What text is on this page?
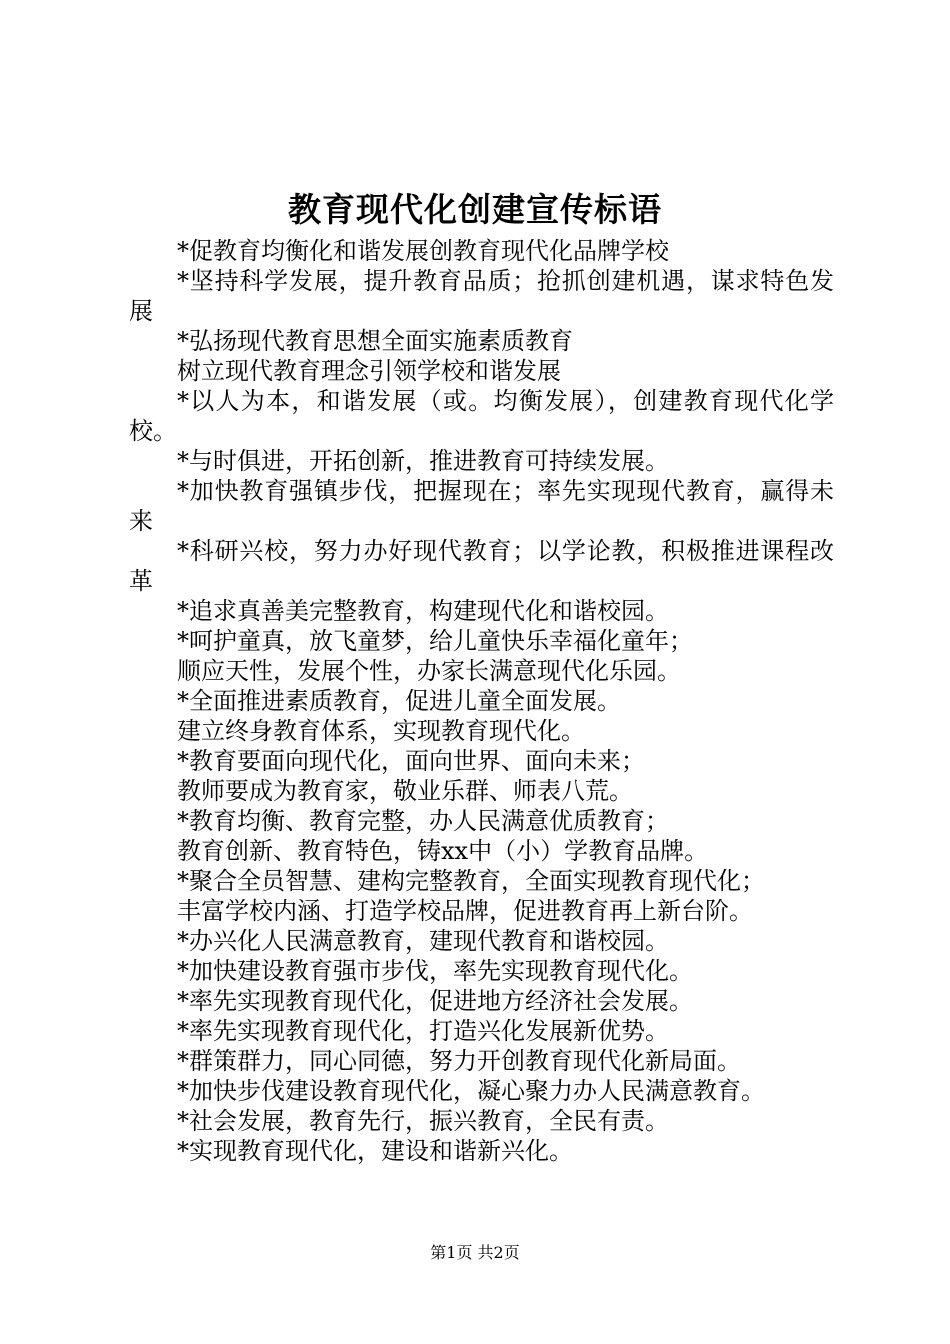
教育现代化创建宣传标语

*促教育均衡化和谐发展创教育现代化品牌学校

*坚持科学发展，提升教育品质；抢抓创建机遇，谋求特色发展

*弘扬现代教育思想全面实施素质教育

树立现代教育理念引领学校和谐发展

*以人为本，和谐发展（或。均衡发展），创建教育现代化学校。

*与时俱进，开拓创新，推进教育可持续发展。

*加快教育强镇步伐，把握现在；率先实现现代教育，赢得未来

*科研兴校，努力办好现代教育；以学论教，积极推进课程改革

*追求真善美完整教育，构建现代化和谐校园。

*呵护童真，放飞童梦，给儿童快乐幸福化童年；

顺应天性，发展个性，办家长满意现代化乐园。

*全面推进素质教育，促进儿童全面发展。

建立终身教育体系，实现教育现代化。

*教育要面向现代化，面向世界、面向未来；

教师要成为教育家，敬业乐群、师表八荒。

*教育均衡、教育完整，办人民满意优质教育；

教育创新、教育特色，铸xx中（小）学教育品牌。

*聚合全员智慧、建构完整教育，全面实现教育现代化；

丰富学校内涵、打造学校品牌，促进教育再上新台阶。

*办兴化人民满意教育，建现代教育和谐校园。

*加快建设教育强市步伐，率先实现教育现代化。

*率先实现教育现代化，促进地方经济社会发展。

*率先实现教育现代化，打造兴化发展新优势。

*群策群力，同心同德，努力开创教育现代化新局面。

*加快步伐建设教育现代化，凝心聚力办人民满意教育。

*社会发展，教育先行，振兴教育，全民有责。

*实现教育现代化，建设和谐新兴化。

第1页 共2页
